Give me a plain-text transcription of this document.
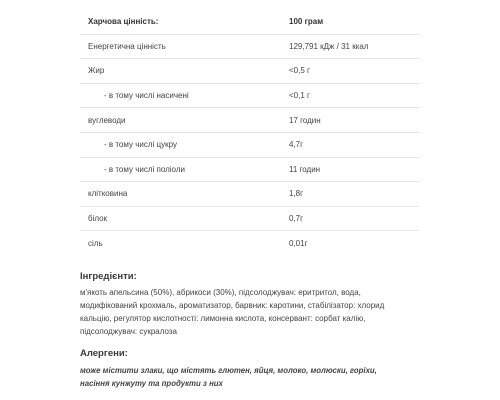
Харчова цінність:	100 грам
Енергетична цінність	129,791 кДж / 31 ккал
Жир	<0,5 г
- в тому числі насичені	<0,1 г
вуглеводи	17 годин
- в тому числі цукру	4,7г
- в тому числі поліоли	11 годин
клітковина	1,8г
білок	0,7г
сіль	0,01г
Інгредієнти:
м'якоть апельсина (50%), абрикоси (30%), підсолоджувач: еритритол, вода,
модифікований крохмаль, ароматизатор, барвник: каротини, стабілізатор: хлорид
кальцію, регулятор кислотності: лимонна кислота, консервант: сорбат калію,
підсолоджувач: сукралоза
Алергени:
може містити злаки, що містять глютен, яйця, молоко, молюски, горіхи,
насіння кунжуту та продукти з них
